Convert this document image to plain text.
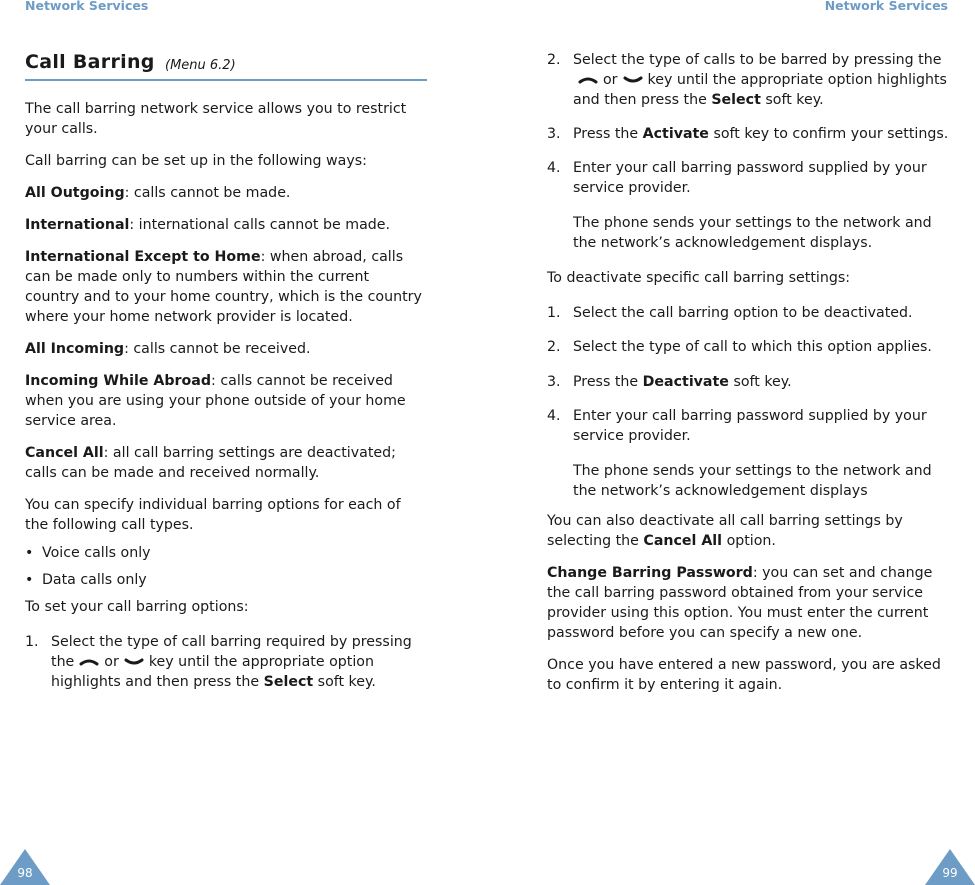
Network Services	Network Services
Call Barring (Menu 6.2)

The call barring network service allows you to restrict your calls.

Call barring can be set up in the following ways:

All Outgoing: calls cannot be made.

International: international calls cannot be made.

International Except to Home: when abroad, calls can be made only to numbers within the current country and to your home country, which is the country where your home network provider is located.

All Incoming: calls cannot be received.

Incoming While Abroad: calls cannot be received when you are using your phone outside of your home service area.

Cancel All: all call barring settings are deactivated; calls can be made and received normally.

You can specify individual barring options for each of the following call types.

• Voice calls only
• Data calls only

To set your call barring options:

1. Select the type of call barring required by pressing the or key until the appropriate option highlights and then press the Select soft key.
2. Select the type of calls to be barred by pressing the
or key until the appropriate option highlights and then press the Select soft key.
3. Press the Activate soft key to confirm your settings.
4. Enter your call barring password supplied by your service provider.

The phone sends your settings to the network and the network’s acknowledgement displays.

To deactivate specific call barring settings:

1. Select the call barring option to be deactivated.
2. Select the type of call to which this option applies.
3. Press the Deactivate soft key.
4. Enter your call barring password supplied by your service provider.

The phone sends your settings to the network and the network’s acknowledgement displays

You can also deactivate all call barring settings by selecting the Cancel All option.

Change Barring Password: you can set and change the call barring password obtained from your service provider using this option. You must enter the current password before you can specify a new one.

Once you have entered a new password, you are asked to confirm it by entering it again.

98	99
